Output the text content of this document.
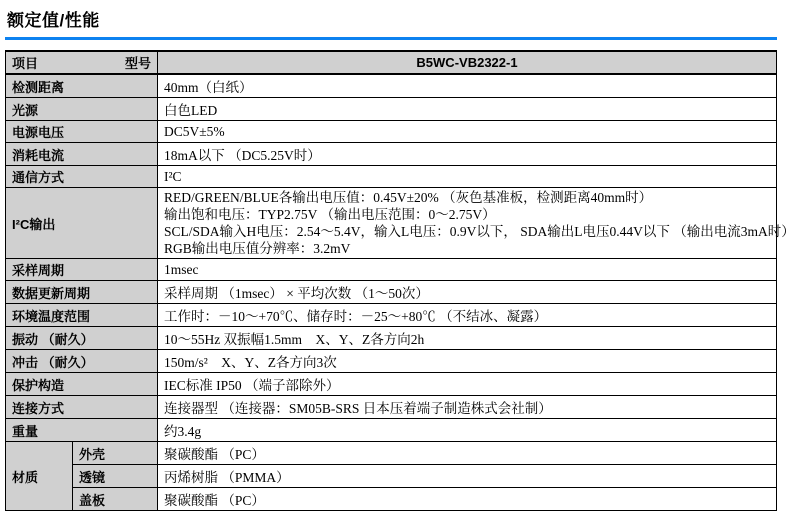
额定值/性能
项目 型号		B5WC-VB2322-1
检测距离		40mm（白纸）
光源		白色LED
电源电压		DC5V±5%
消耗电流		18mA以下 （DC5.25V时）
通信方式		I²C
I²C输出		RED/GREEN/BLUE各输出电压值：0.45V±20% （灰色基准板，检测距离40mm时）
输出饱和电压：TYP2.75V （输出电压范围：0～2.75V）
SCL/SDA输入H电压：2.54～5.4V，输入L电压：0.9V以下， SDA输出L电压0.44V以下 （输出电流3mA时）
RGB输出电压值分辨率：3.2mV

采样周期		1msec
数据更新周期		采样周期 （1msec） × 平均次数 （1～50次）
环境温度范围		工作时：－10～+70℃、储存时：－25～+80℃ （不结冰、凝露）
振动 （耐久）		10～55Hz 双振幅1.5mm　X、Y、Z各方向2h
冲击 （耐久）		150m/s²　X、Y、Z各方向3次
保护构造		IEC标准 IP50 （端子部除外）
连接方式		连接器型 （连接器：SM05B-SRS 日本压着端子制造株式会社制）
重量		约3.4g
材质	外壳	聚碳酸酯 （PC）
	透镜	丙烯树脂 （PMMA）
	盖板	聚碳酸酯 （PC）
